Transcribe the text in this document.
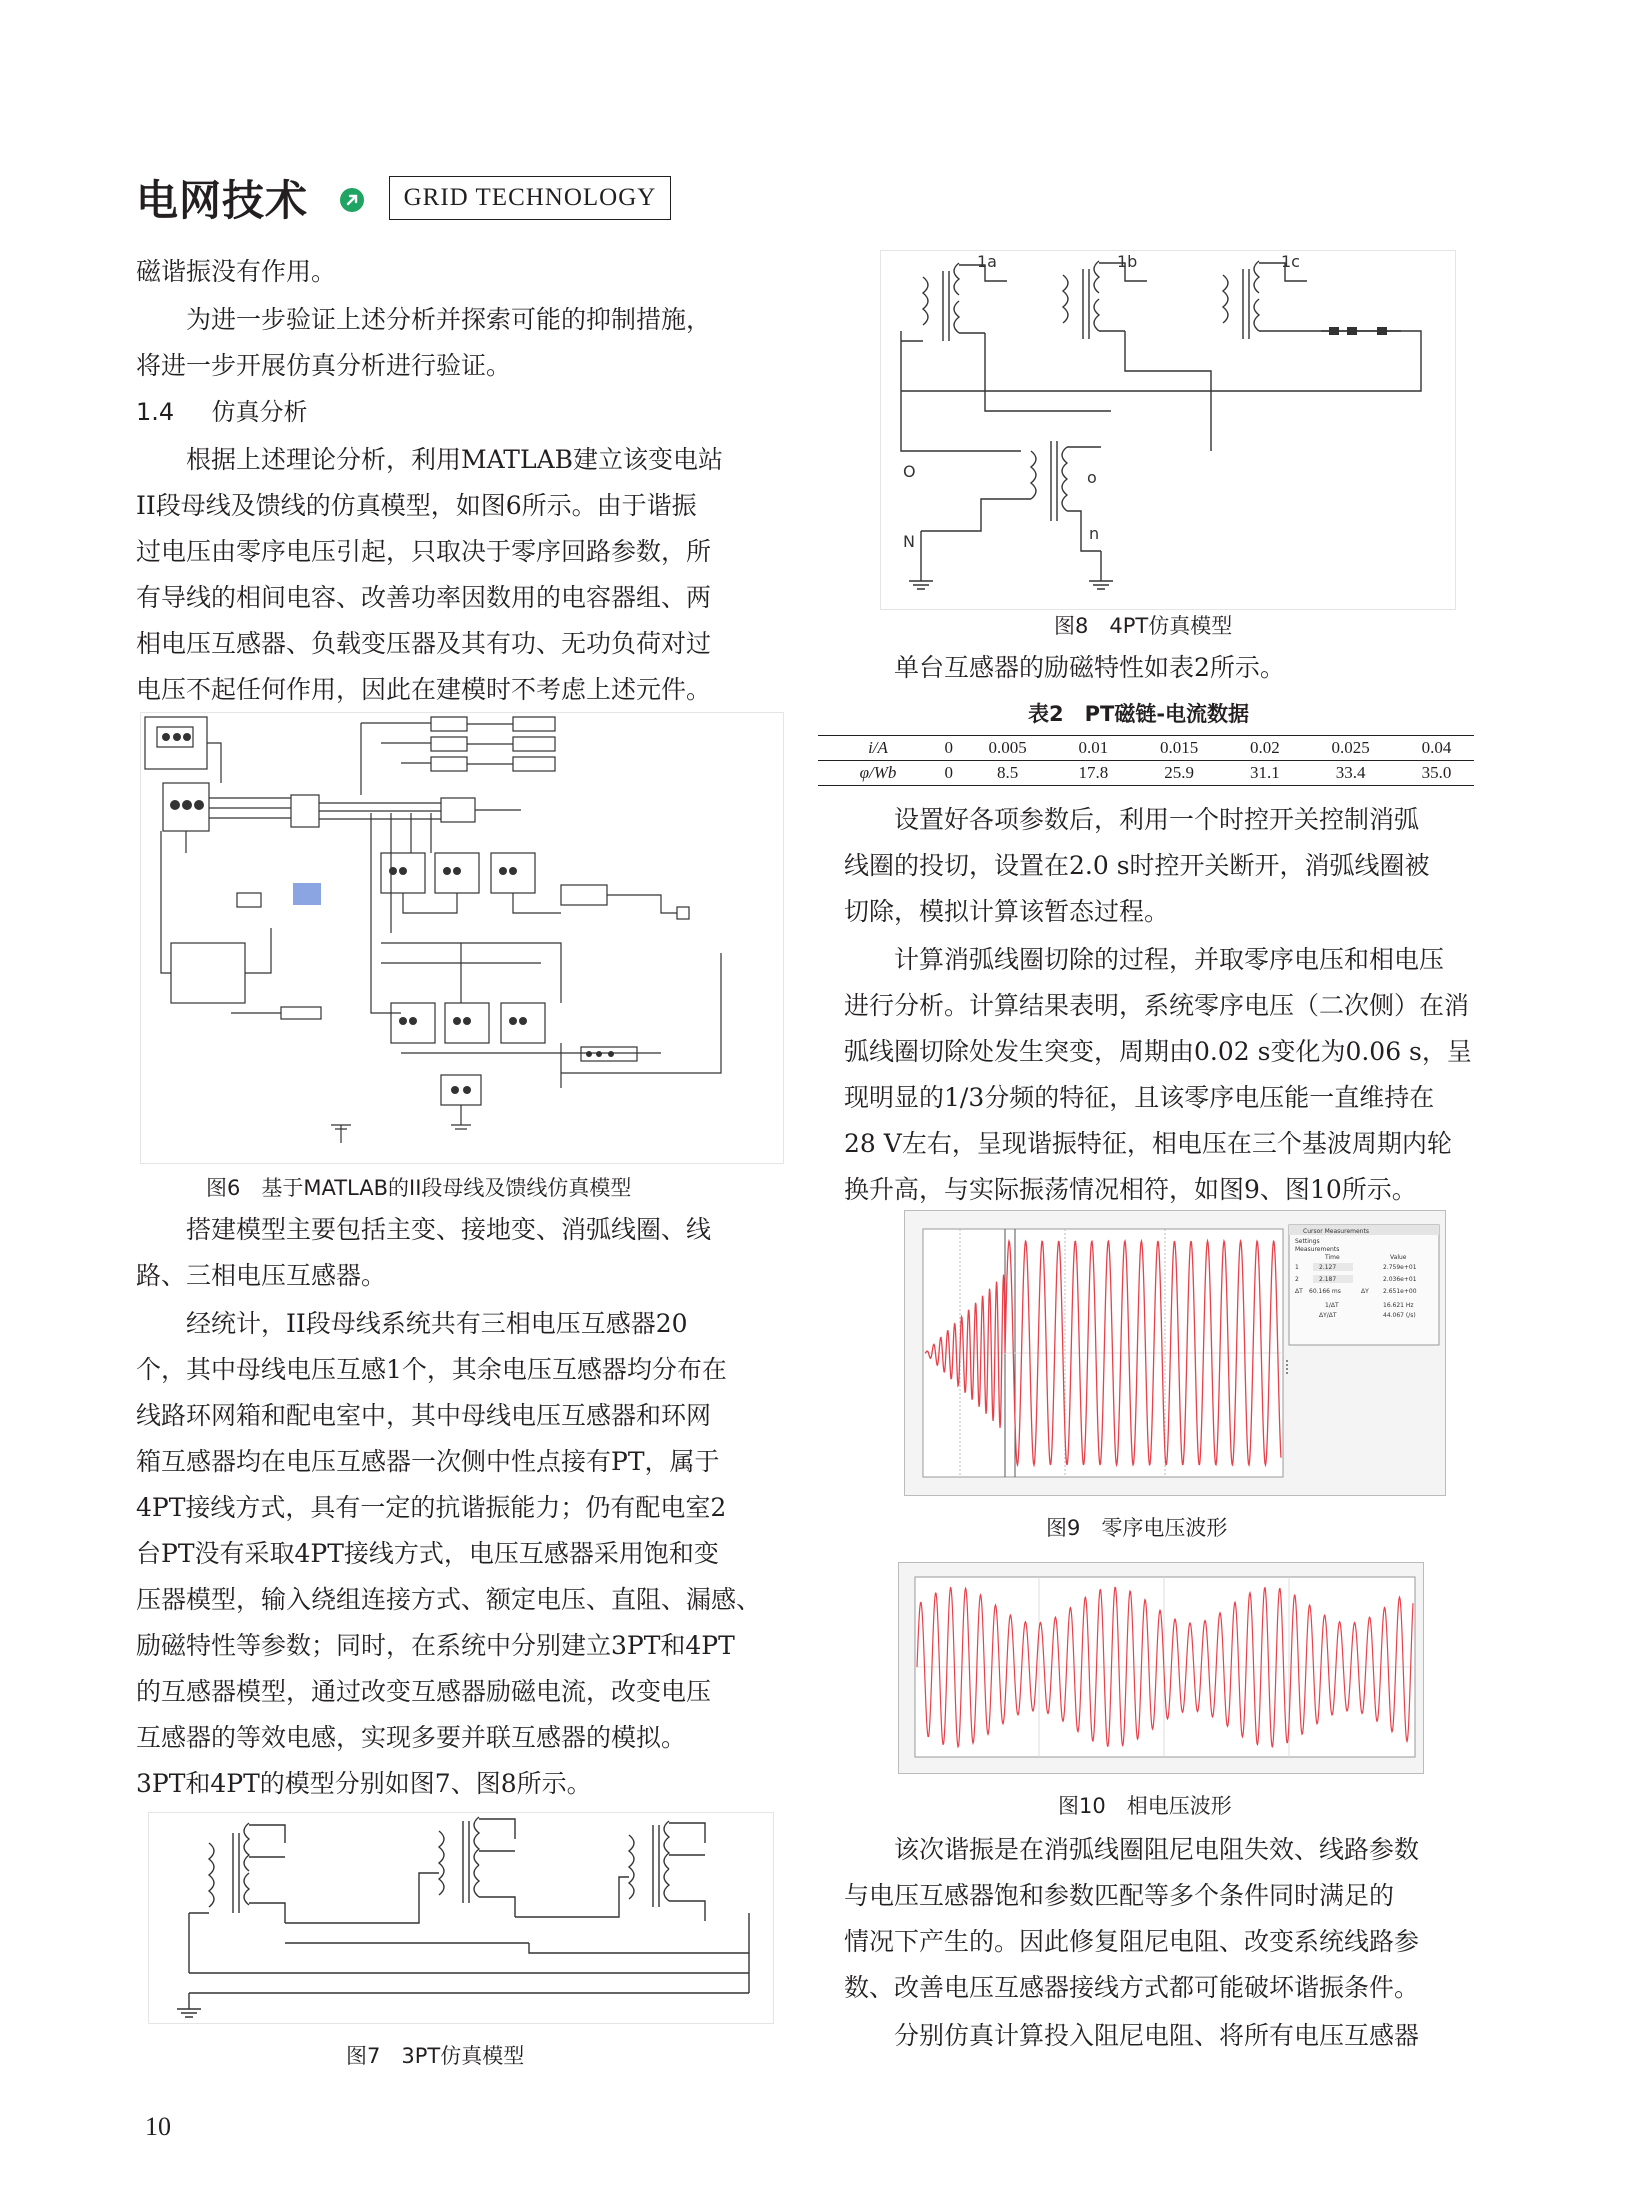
电网技术	GRID TECHNOLOGY
磁谐振没有作用。
为进一步验证上述分析并探索可能的抑制措施，
将进一步开展仿真分析进行验证。
1.4 仿真分析
根据上述理论分析，利用MATLAB建立该变电站
II段母线及馈线的仿真模型，如图6所示。由于谐振
过电压由零序电压引起，只取决于零序回路参数，所
有导线的相间电容、改善功率因数用的电容器组、两
相电压互感器、负载变压器及其有功、无功负荷对过
电压不起任何作用，因此在建模时不考虑上述元件。
图6　基于MATLAB的II段母线及馈线仿真模型
搭建模型主要包括主变、接地变、消弧线圈、线
路、三相电压互感器。
经统计，II段母线系统共有三相电压互感器20
个，其中母线电压互感1个，其余电压互感器均分布在
线路环网箱和配电室中，其中母线电压互感器和环网
箱互感器均在电压互感器一次侧中性点接有PT，属于
4PT接线方式，具有一定的抗谐振能力；仍有配电室2
台PT没有采取4PT接线方式，电压互感器采用饱和变
压器模型，输入绕组连接方式、额定电压、直阻、漏感、
励磁特性等参数；同时，在系统中分别建立3PT和4PT
的互感器模型，通过改变互感器励磁电流，改变电压
互感器的等效电感，实现多要并联互感器的模拟。
3PT和4PT的模型分别如图7、图8所示。
图7　3PT仿真模型
1a	1b	1c
O
N
o
n
图8　4PT仿真模型
单台互感器的励磁特性如表2所示。
表2　PT磁链-电流数据
i/A	0	0.005	0.01	0.015	0.02	0.025	0.04
φ/Wb	0	8.5	17.8	25.9	31.1	33.4	35.0
设置好各项参数后，利用一个时控开关控制消弧
线圈的投切，设置在2.0 s时控开关断开，消弧线圈被
切除，模拟计算该暂态过程。
计算消弧线圈切除的过程，并取零序电压和相电压
进行分析。计算结果表明，系统零序电压（二次侧）在消
弧线圈切除处发生突变，周期由0.02 s变化为0.06 s，呈
现明显的1/3分频的特征，且该零序电压能一直维持在
28 V左右，呈现谐振特征，相电压在三个基波周期内轮
换升高，与实际振荡情况相符，如图9、图10所示。
Cursor Measurements
Settings
Measurements
Time	Value
1	2.127	2.759e+01
2	2.187	2.036e+01
ΔT 60.166 ms	ΔY 2.651e+00
1/ΔT	16.621 Hz
ΔY/ΔT	44.067 (/s)
图9　零序电压波形
图10　相电压波形
该次谐振是在消弧线圈阻尼电阻失效、线路参数
与电压互感器饱和参数匹配等多个条件同时满足的
情况下产生的。因此修复阻尼电阻、改变系统线路参
数、改善电压互感器接线方式都可能破坏谐振条件。
分别仿真计算投入阻尼电阻、将所有电压互感器
10
